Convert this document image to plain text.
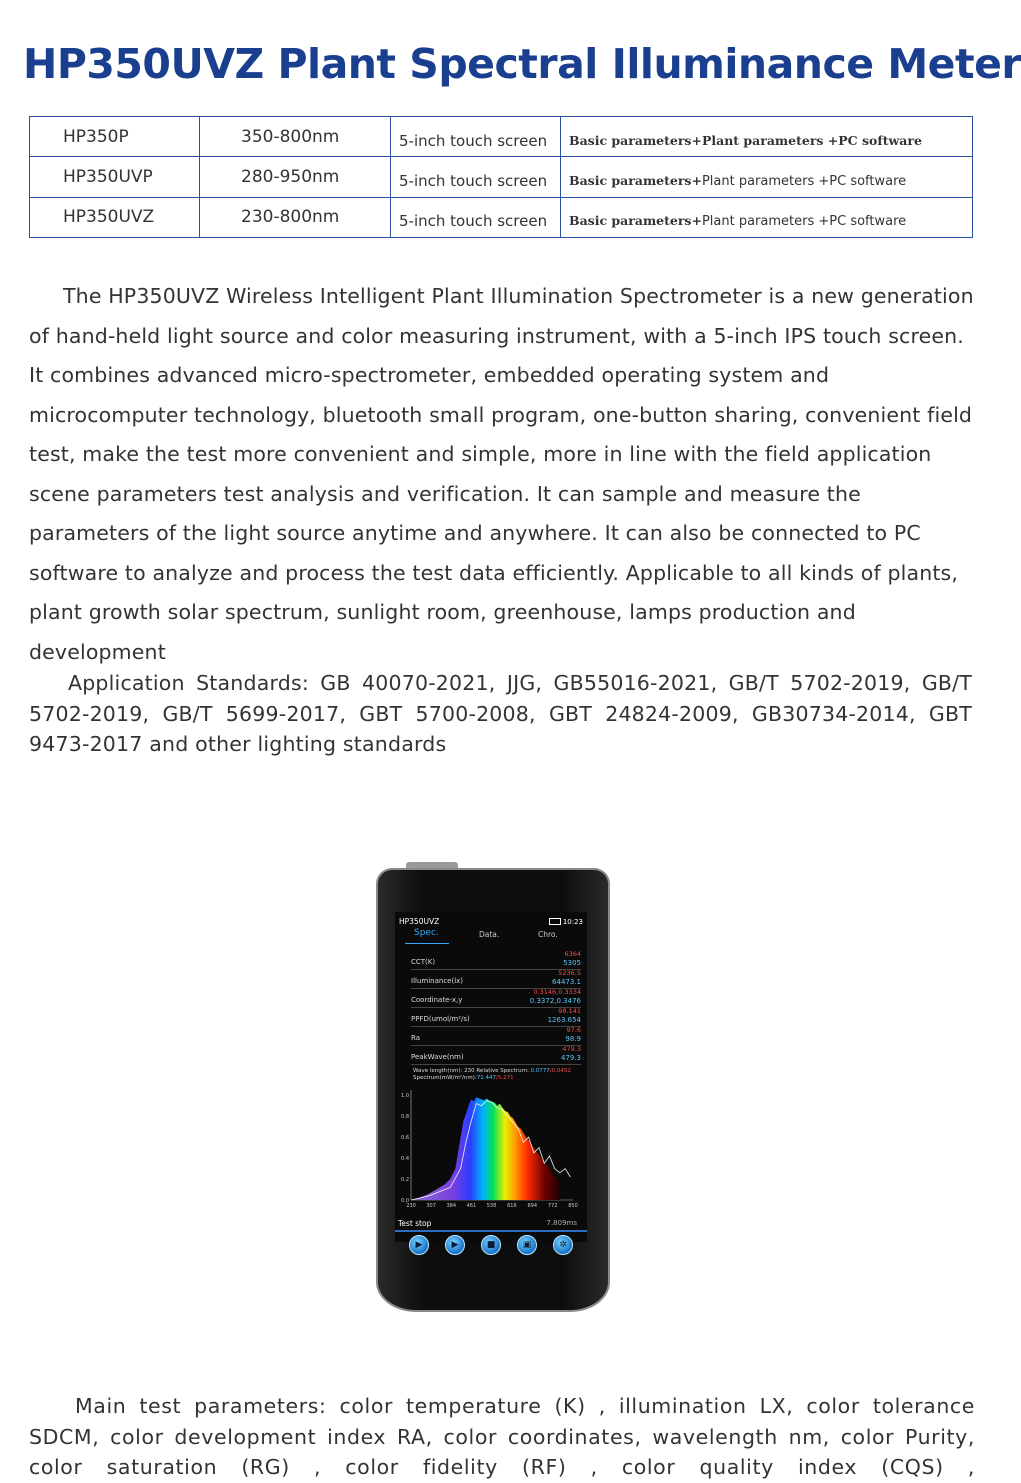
HP350UVZ Plant Spectral Illuminance Meter
HP350P	350-800nm	5-inch touch screen	Basic parameters+Plant parameters +PC software
HP350UVP	280-950nm	5-inch touch screen	Basic parameters+Plant parameters +PC software
HP350UVZ	230-800nm	5-inch touch screen	Basic parameters+Plant parameters +PC software

The HP350UVZ Wireless Intelligent Plant Illumination Spectrometer is a new generation of hand-held light source and color measuring instrument, with a 5-inch IPS touch screen. It combines advanced micro-spectrometer, embedded operating system and microcomputer technology, bluetooth small program, one-button sharing, convenient field test, make the test more convenient and simple, more in line with the field application scene parameters test analysis and verification. It can sample and measure the parameters of the light source anytime and anywhere. It can also be connected to PC software to analyze and process the test data efficiently. Applicable to all kinds of plants, plant growth solar spectrum, sunlight room, greenhouse, lamps production and development

Application Standards: GB 40070-2021, JJG, GB55016-2021, GB/T 5702-2019, GB/T 5702-2019, GB/T 5699-2017, GBT 5700-2008, GBT 24824-2009, GB30734-2014, GBT 9473-2017 and other lighting standards

HP350UVZ	10:23
Spec.	Data.	Chro.
CCT(K)
6364
5305
Illuminance(lx)
5236.5
64473.1
Coordinate-x,y
0.3146,0.3334
0.3372,0.3476
PPFD(umol/m²/s)
98.141
1263.654
Ra
97.6
98.9
PeakWave(nm)
479.3
479.3
Wave length(nm): 230 Relative Spectrum: 0.0777/0.0452
Spectrum(mW/m²/nm):71.447/5.271
0.0
0.2
0.4
0.6
0.8
1.0
230 307 384 461 538 616 694 772 850
Test stop	7.809ms
▶	▶	■	▣	✲

Main test parameters: color temperature (K) , illumination LX, color tolerance SDCM, color development index RA, color coordinates, wavelength nm, color Purity, color saturation (RG) , color fidelity (RF) , color quality index (CQS) ,
